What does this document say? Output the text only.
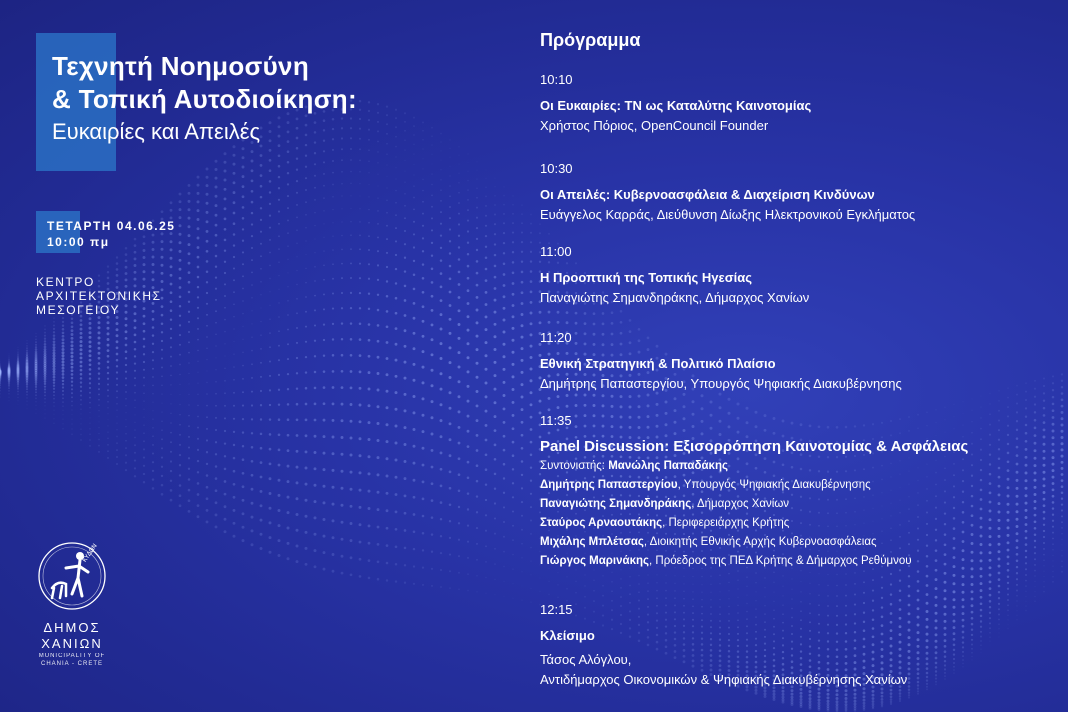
Τεχνητή Νοημοσύνη
& Τοπική Αυτοδιοίκηση:
Ευκαιρίες και Απειλές
ΤΕΤΑΡΤΗ 04.06.25
10:00 πμ
ΚΕΝΤΡΟ
ΑΡΧΙΤΕΚΤΟΝΙΚΗΣ
ΜΕΣΟΓΕΙΟΥ
ΚΥΔΩΝ
ΔΗΜΟΣ
ΧΑΝΙΩΝ
MUNICIPALITY OF
CHANIA - CRETE
Πρόγραμμα
10:10
Οι Ευκαιρίες: ΤΝ ως Καταλύτης Καινοτομίας
Χρήστος Πόριος, OpenCouncil Founder
10:30
Οι Απειλές: Κυβερνοασφάλεια & Διαχείριση Κινδύνων
Ευάγγελος Καρράς, Διεύθυνση Δίωξης Ηλεκτρονικού Εγκλήματος
11:00
Η Προοπτική της Τοπικής Ηγεσίας
Παναγιώτης Σημανδηράκης, Δήμαρχος Χανίων
11:20
Εθνική Στρατηγική & Πολιτικό Πλαίσιο
Δημήτρης Παπαστεργίου, Υπουργός Ψηφιακής Διακυβέρνησης
11:35
Panel Discussion: Εξισορρόπηση Καινοτομίας & Ασφάλειας
Συντονιστής: Μανώλης Παπαδάκης
Δημήτρης Παπαστεργίου, Υπουργός Ψηφιακής Διακυβέρνησης
Παναγιώτης Σημανδηράκης, Δήμαρχος Χανίων
Σταύρος Αρναουτάκης, Περιφερειάρχης Κρήτης
Μιχάλης Μπλέτσας, Διοικητής Εθνικής Αρχής Κυβερνοασφάλειας
Γιώργος Μαρινάκης, Πρόεδρος της ΠΕΔ Κρήτης & Δήμαρχος Ρεθύμνου
12:15
Κλείσιμο
Τάσος Αλόγλου,
Αντιδήμαρχος Οικονομικών & Ψηφιακής Διακυβέρνησης Χανίων
